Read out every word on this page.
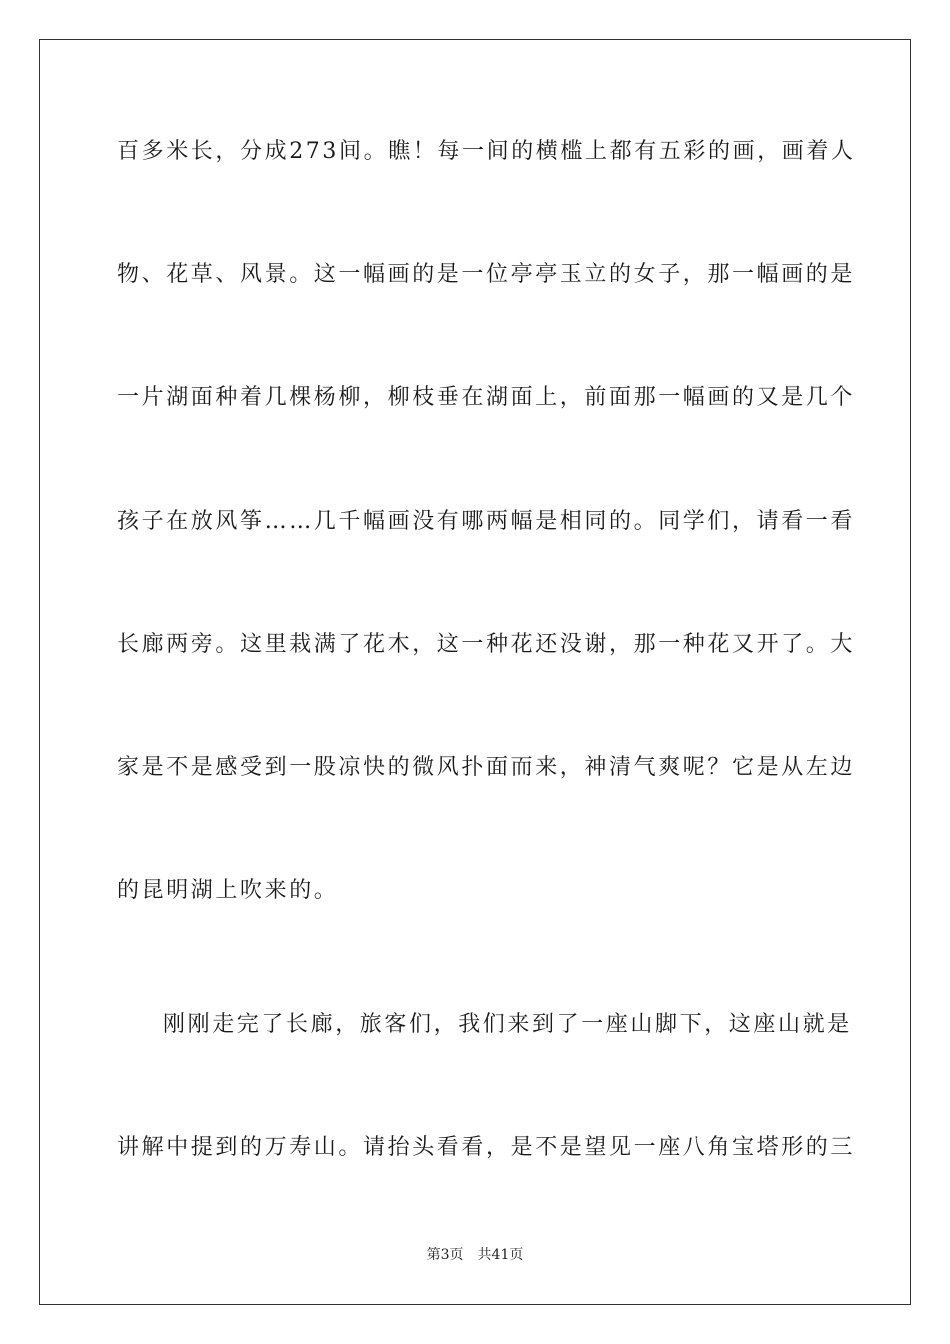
百多米长，分成273间。瞧！每一间的横槛上都有五彩的画，画着人
物、花草、风景。这一幅画的是一位亭亭玉立的女子，那一幅画的是
一片湖面种着几棵杨柳，柳枝垂在湖面上，前面那一幅画的又是几个
孩子在放风筝……几千幅画没有哪两幅是相同的。同学们，请看一看
长廊两旁。这里栽满了花木，这一种花还没谢，那一种花又开了。大
家是不是感受到一股凉快的微风扑面而来，神清气爽呢？它是从左边
的昆明湖上吹来的。
刚刚走完了长廊，旅客们，我们来到了一座山脚下，这座山就是
讲解中提到的万寿山。请抬头看看，是不是望见一座八角宝塔形的三
第3页 共41页
